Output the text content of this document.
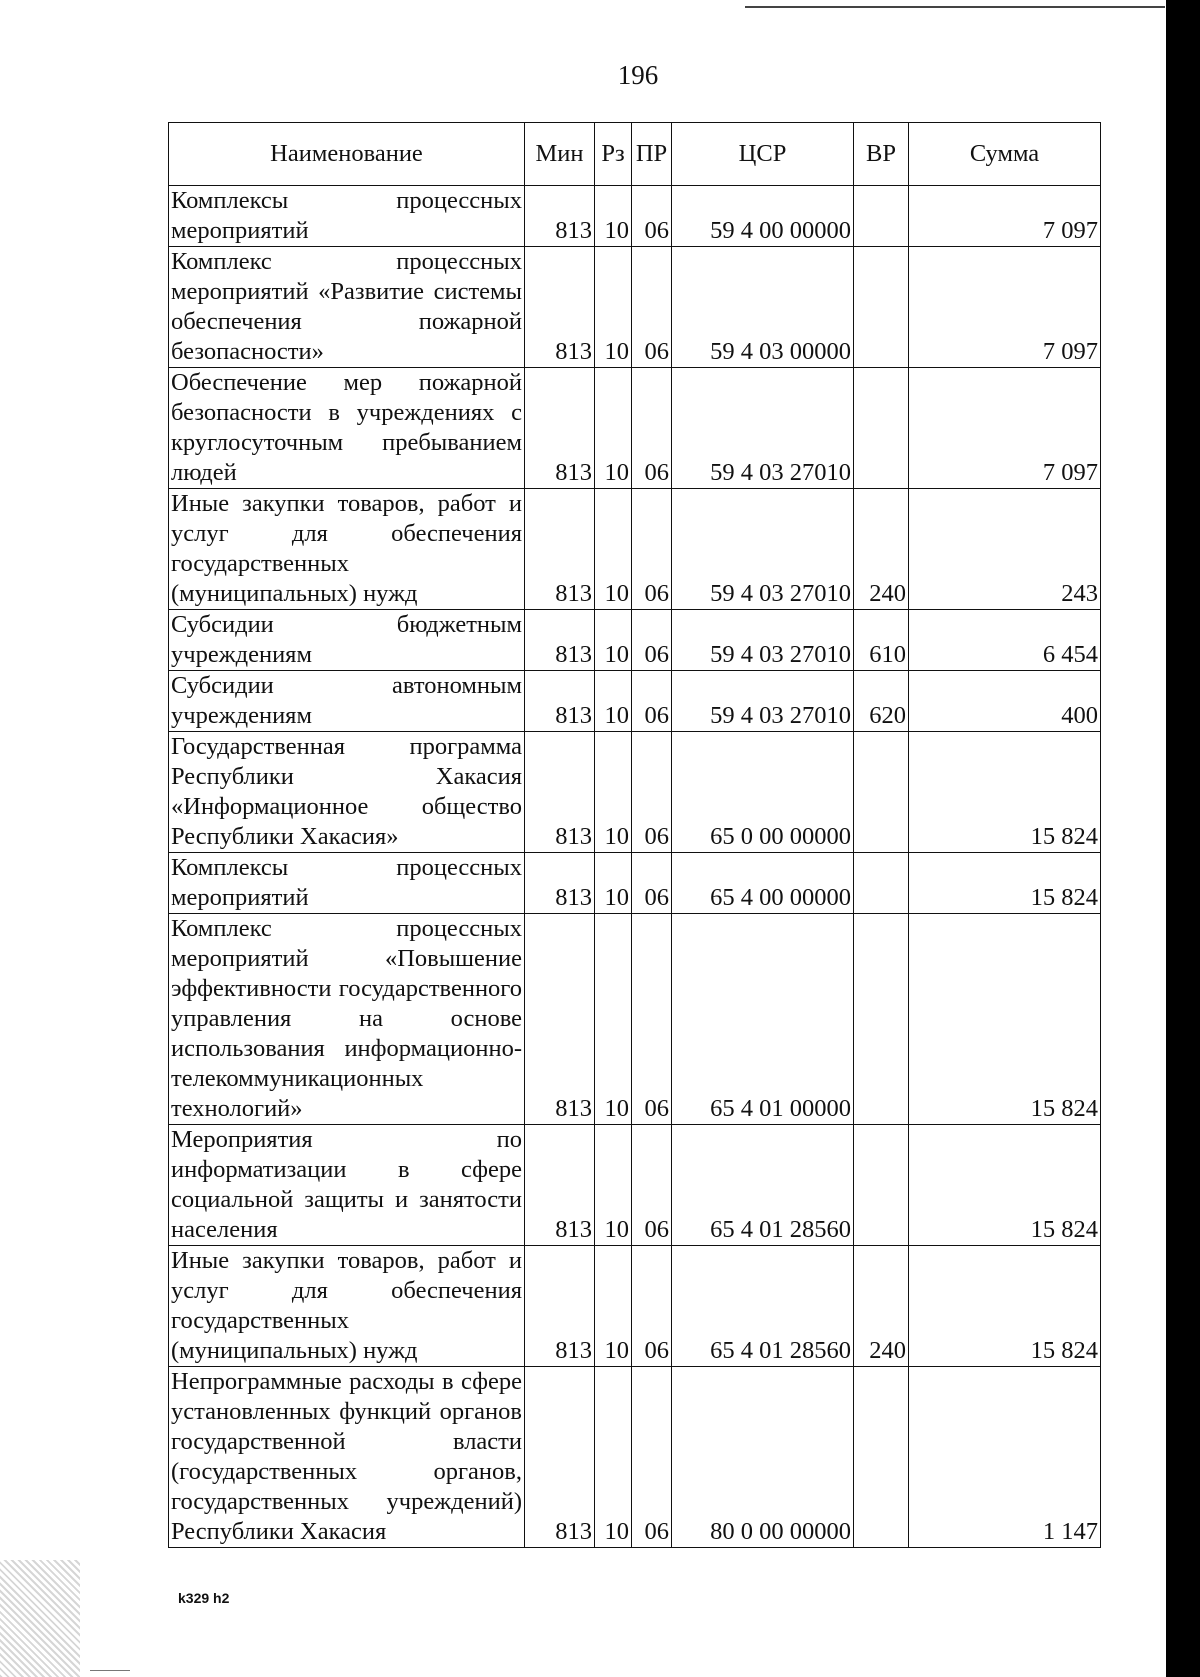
196
Наименование	Мин	Рз	ПР	ЦСР	ВР	Сумма
Комплексы процессных мероприятий	813	10	06	59 4 00 00000		7 097
Комплекс процессных мероприятий «Развитие системы обеспечения пожарной безопасности»	813	10	06	59 4 03 00000		7 097
Обеспечение мер пожарной безопасности в учреждениях с круглосуточным пребыванием людей	813	10	06	59 4 03 27010		7 097
Иные закупки товаров, работ и услуг для обеспечения государственных (муниципальных) нужд	813	10	06	59 4 03 27010	240	243
Субсидии бюджетным учреждениям	813	10	06	59 4 03 27010	610	6 454
Субсидии автономным учреждениям	813	10	06	59 4 03 27010	620	400
Государственная программа Республики Хакасия «Информационное общество Республики Хакасия»	813	10	06	65 0 00 00000		15 824
Комплексы процессных мероприятий	813	10	06	65 4 00 00000		15 824
Комплекс процессных мероприятий «Повышение эффективности государственного управления на основе использования информационно-телекоммуникационных технологий»	813	10	06	65 4 01 00000		15 824
Мероприятия по информатизации в сфере социальной защиты и занятости населения	813	10	06	65 4 01 28560		15 824
Иные закупки товаров, работ и услуг для обеспечения государственных (муниципальных) нужд	813	10	06	65 4 01 28560	240	15 824
Непрограммные расходы в сфере установленных функций органов государственной власти (государственных органов, государственных учреждений) Республики Хакасия	813	10	06	80 0 00 00000		1 147
k329 h2
